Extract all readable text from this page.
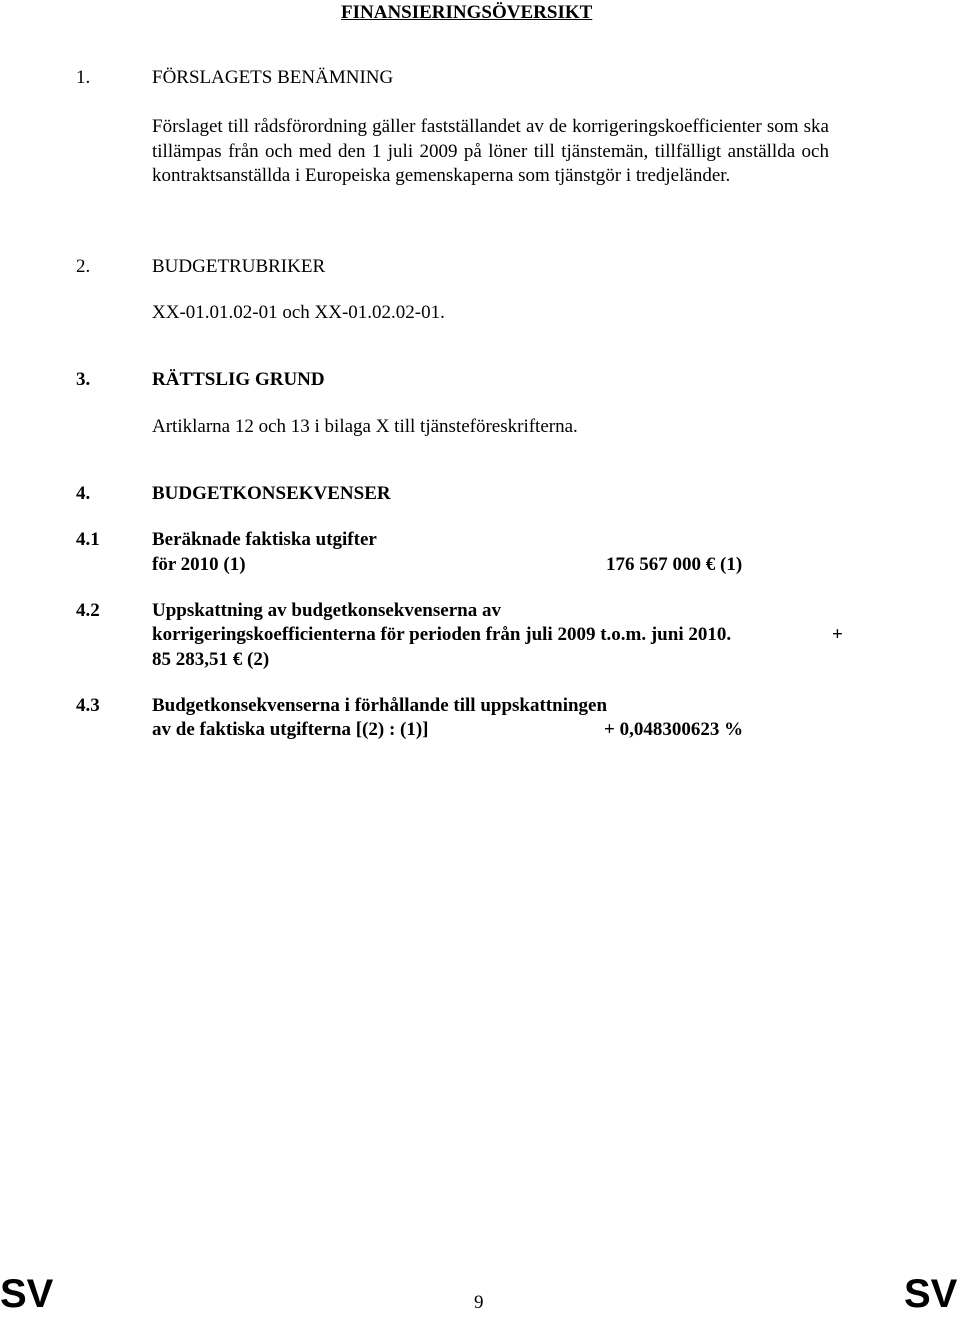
FINANSIERINGSÖVERSIKT
1.	FÖRSLAGETS BENÄMNING
Förslaget till rådsförordning gäller fastställandet av de korrigeringskoefficienter som ska tillämpas från och med den 1 juli 2009 på löner till tjänstemän, tillfälligt anställda och kontraktsanställda i Europeiska gemenskaperna som tjänstgör i tredjeländer.
2.	BUDGETRUBRIKER
XX-01.01.02-01 och XX-01.02.02-01.
3.	RÄTTSLIG GRUND
Artiklarna 12 och 13 i bilaga X till tjänsteföreskrifterna.
4.	BUDGETKONSEKVENSER
4.1	Beräknade faktiska utgifter
för 2010 (1)	176 567 000 € (1)
4.2	Uppskattning av budgetkonsekvenserna av
korrigeringskoefficienterna för perioden från juli 2009 t.o.m. juni 2010.	+
85 283,51 € (2)
4.3	Budgetkonsekvenserna i förhållande till uppskattningen
av de faktiska utgifterna [(2) : (1)]	+ 0,048300623 %
SV	9	SV
